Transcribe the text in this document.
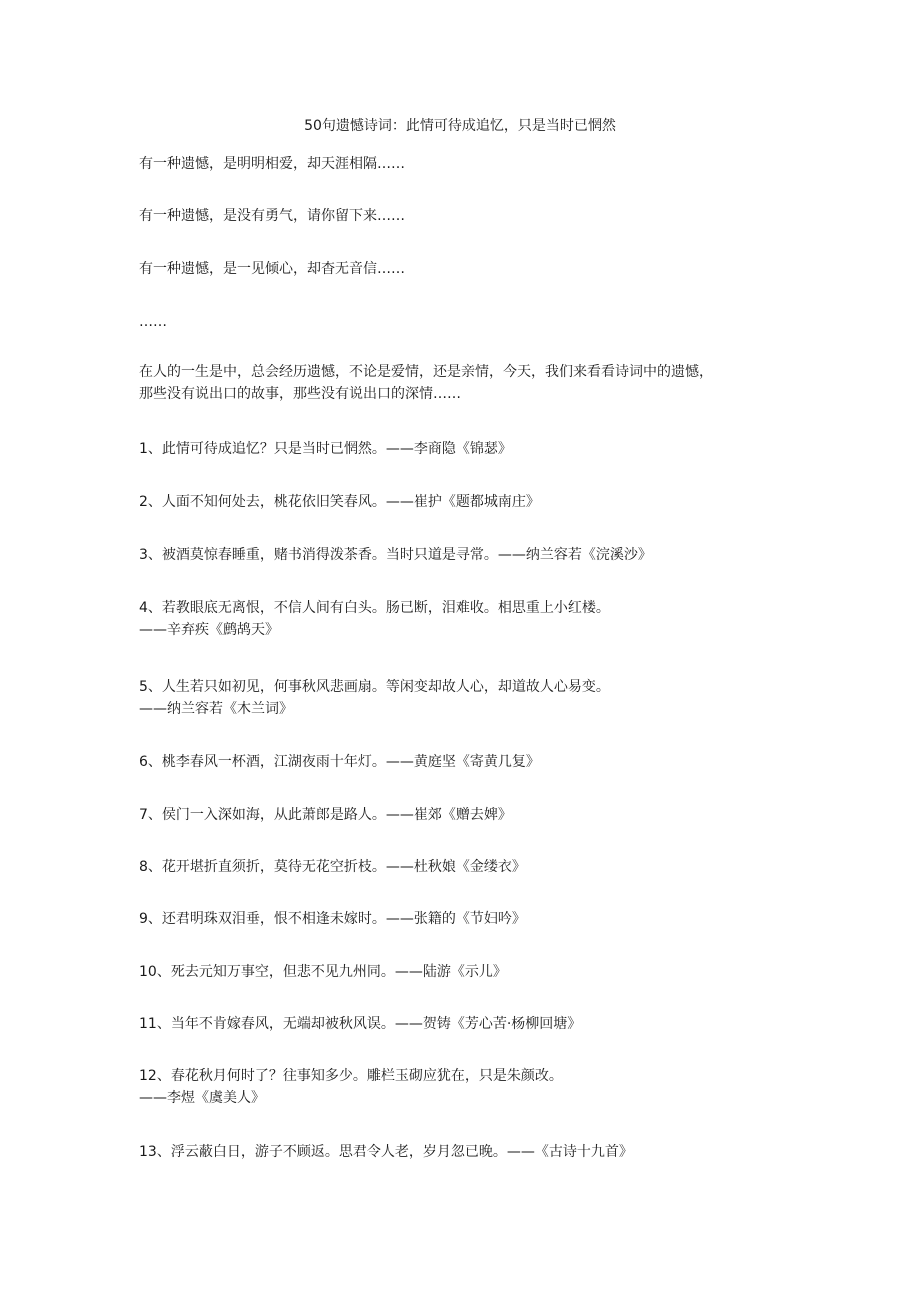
50句遗憾诗词：此情可待成追忆，只是当时已惘然

有一种遗憾，是明明相爱，却天涯相隔……

有一种遗憾，是没有勇气，请你留下来……

有一种遗憾，是一见倾心，却杳无音信……

……

在人的一生是中，总会经历遗憾，不论是爱情，还是亲情，今天，我们来看看诗词中的遗憾，
那些没有说出口的故事，那些没有说出口的深情……

1、此情可待成追忆？只是当时已惘然。——李商隐《锦瑟》

2、人面不知何处去，桃花依旧笑春风。——崔护《题都城南庄》

3、被酒莫惊春睡重，赌书消得泼茶香。当时只道是寻常。——纳兰容若《浣溪沙》

4、若教眼底无离恨，不信人间有白头。肠已断，泪难收。相思重上小红楼。
——辛弃疾《鹧鸪天》

5、人生若只如初见，何事秋风悲画扇。等闲变却故人心，却道故人心易变。
——纳兰容若《木兰词》

6、桃李春风一杯酒，江湖夜雨十年灯。——黄庭坚《寄黄几复》

7、侯门一入深如海，从此萧郎是路人。——崔郊《赠去婢》

8、花开堪折直须折，莫待无花空折枝。——杜秋娘《金缕衣》

9、还君明珠双泪垂，恨不相逢未嫁时。——张籍的《节妇吟》

10、死去元知万事空，但悲不见九州同。——陆游《示儿》

11、当年不肯嫁春风，无端却被秋风误。——贺铸《芳心苦·杨柳回塘》

12、春花秋月何时了？往事知多少。雕栏玉砌应犹在，只是朱颜改。
——李煜《虞美人》

13、浮云蔽白日，游子不顾返。思君令人老，岁月忽已晚。——《古诗十九首》
